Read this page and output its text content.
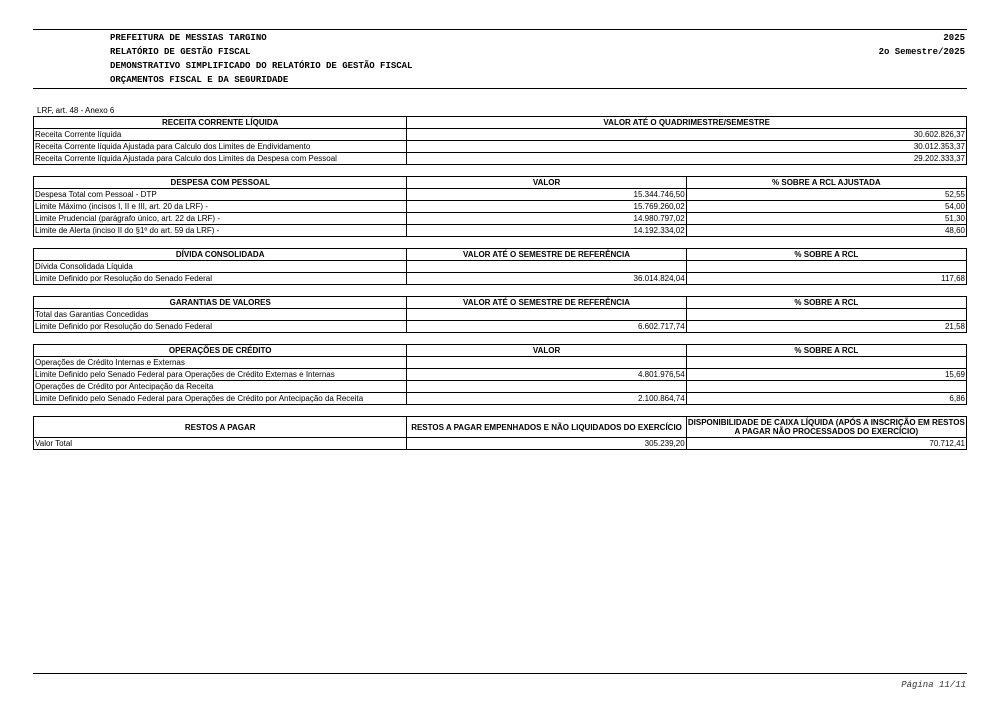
PREFEITURA DE MESSIAS TARGINO
RELATÓRIO DE GESTÃO FISCAL
DEMONSTRATIVO SIMPLIFICADO DO RELATÓRIO DE GESTÃO FISCAL
ORÇAMENTOS FISCAL E DA SEGURIDADE
2025
2o Semestre/2025
LRF, art. 48 - Anexo 6
RECEITA CORRENTE LÍQUIDA	VALOR ATÉ O QUADRIMESTRE/SEMESTRE
Receita Corrente líquida	30.602.826,37
Receita Corrente líquida Ajustada para Calculo dos Limites de Endividamento	30.012.353,37
Receita Corrente líquida Ajustada para Calculo dos Limites da Despesa com Pessoal	29.202.333,37
DESPESA COM PESSOAL	VALOR	% SOBRE A RCL AJUSTADA
Despesa Total com Pessoal - DTP	15.344.746,50	52,55
Limite Máximo (incisos I, II e III, art. 20 da LRF) -	15.769.260,02	54,00
Limite Prudencial (parágrafo único, art. 22 da LRF) -	14.980.797,02	51,30
Limite de Alerta (inciso II do §1º do art. 59 da LRF) -	14.192.334,02	48,60
DÍVIDA CONSOLIDADA	VALOR ATÉ O SEMESTRE DE REFERÊNCIA	% SOBRE A RCL
Dívida Consolidada Líquida		
Limite Definido por Resolução do Senado Federal	36.014.824,04	117,68
GARANTIAS DE VALORES	VALOR ATÉ O SEMESTRE DE REFERÊNCIA	% SOBRE A RCL
Total das Garantias Concedidas		
Limite Definido por Resolução do Senado Federal	6.602.717,74	21,58
OPERAÇÕES DE CRÉDITO	VALOR	% SOBRE A RCL
Operações de Crédito Internas e Externas		
Limite Definido pelo Senado Federal para Operações de Crédito Externas e Internas	4.801.976,54	15,69
Operações de Crédito por Antecipação da Receita		
Limite Definido pelo Senado Federal para Operações de Crédito por Antecipação da Receita	2.100.864,74	6,86
RESTOS A PAGAR	RESTOS A PAGAR EMPENHADOS E NÃO LIQUIDADOS DO EXERCÍCIO	DISPONIBILIDADE DE CAIXA LÍQUIDA (APÓS A INSCRIÇÃO EM RESTOS A PAGAR NÃO PROCESSADOS DO EXERCÍCIO)
Valor Total	305.239,20	70.712,41
Página 11/11
